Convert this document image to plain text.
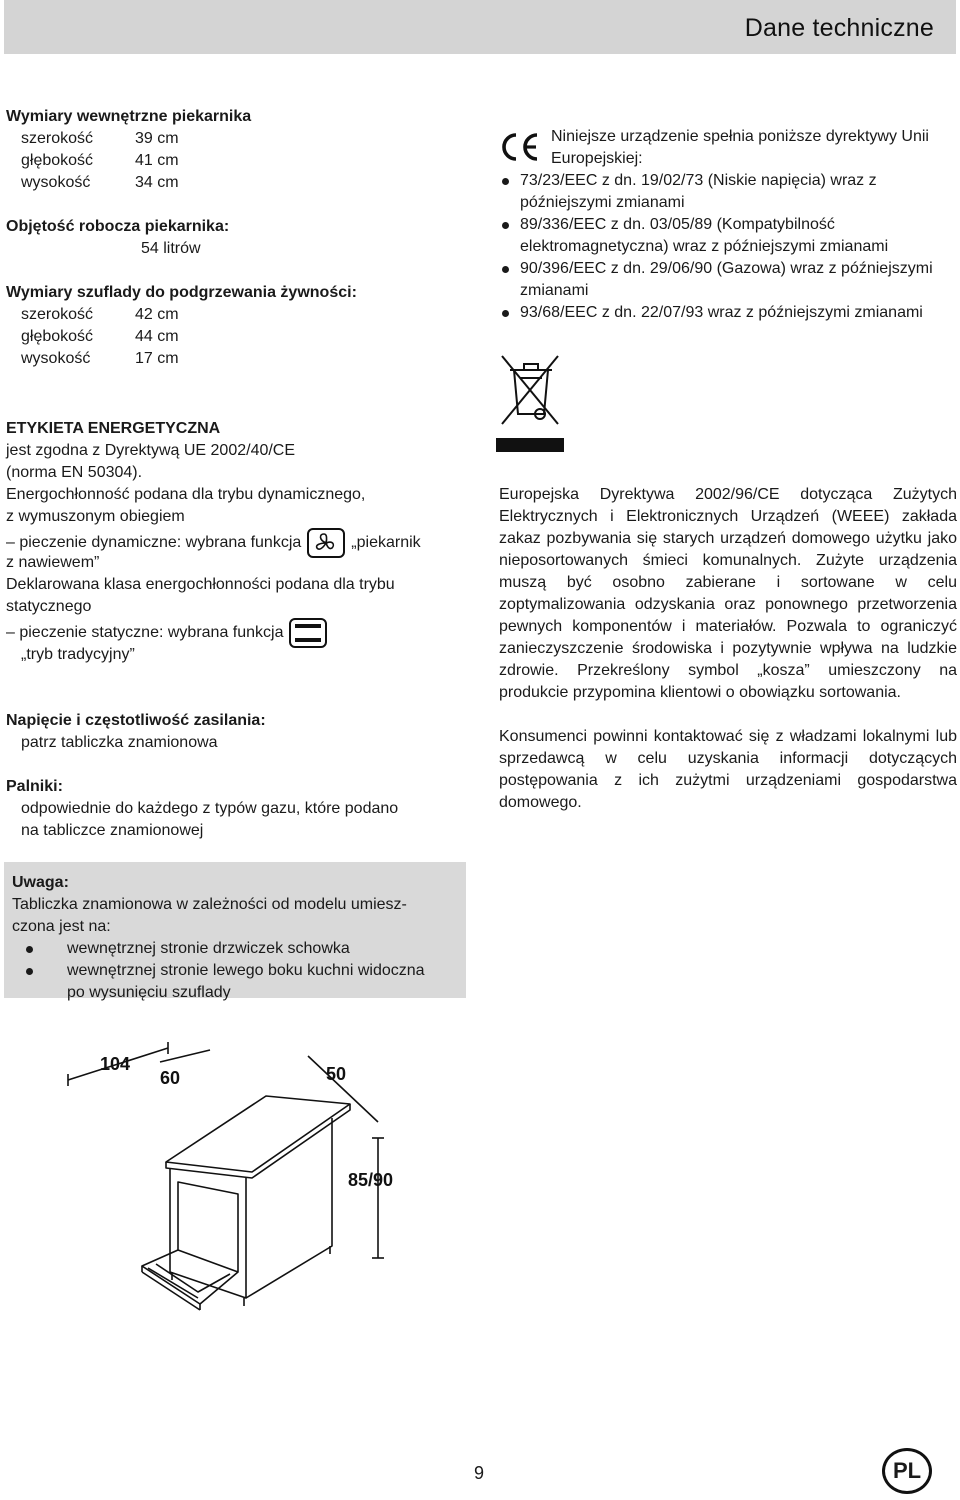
Dane techniczne
Wymiary wewnętrzne piekarnika
szerokość	39 cm
głębokość	41 cm
wysokość	34 cm
Objętość robocza piekarnika:
54 litrów
Wymiary szuflady do podgrzewania żywności:
szerokość	42 cm
głębokość	44 cm
wysokość	17 cm
Niniejsze urządzenie spełnia poniższe dyrektywy Unii Europejskiej:
73/23/EEC z dn. 19/02/73 (Niskie napięcia) wraz z późniejszymi zmianami
89/336/EEC z dn. 03/05/89 (Kompatybilność elektromagnetyczna) wraz z późniejszymi zmianami
90/396/EEC z dn. 29/06/90 (Gazowa) wraz z późniejszymi zmianami
93/68/EEC z dn. 22/07/93 wraz z późniejszymi zmianami

Europejska Dyrektywa 2002/96/CE dotycząca Zużytych Elektrycznych i Elektronicznych Urządzeń (WEEE) zakłada zakaz pozbywania się starych urządzeń domowego użytku jako nieposortowanych śmieci komunalnych. Zużyte urządzenia muszą być osobno zabierane i sortowane w celu zoptymalizowania odzyskania oraz ponownego przetworzenia pewnych komponentów i materiałów. Pozwala to ograniczyć zanieczyszczenie środowiska i pozytywnie wpływa na ludzkie zdrowie. Przekreślony symbol „kosza” umieszczony na produkcie przypomina klientowi o obowiązku sortowania.

Konsumenci powinni kontaktować się z władzami lokalnymi lub sprzedawcą w celu uzyskania informacji dotyczących postępowania z ich zużytmi urządzeniami gospodarstwa domowego.

ETYKIETA ENERGETYCZNA
jest zgodna z Dyrektywą UE 2002/40/CE
(norma EN 50304).
Energochłonność podana dla trybu dynamicznego,
z wymuszonym obiegiem
– pieczenie dynamiczne: wybrana funkcja	„piekarnik
z nawiewem”
Deklarowana klasa energochłonności podana dla trybu
statycznego
– pieczenie statyczne: wybrana funkcja
„tryb tradycyjny”
Napięcie i częstotliwość zasilania:
patrz tabliczka znamionowa
Palniki:
odpowiednie do każdego z typów gazu, które podano
na tabliczce znamionowej
Uwaga:
Tabliczka znamionowa w zależności od modelu umiesz-
czona jest na:
wewnętrznej stronie drzwiczek schowka
wewnętrznej stronie lewego boku kuchni widoczna
po wysunięciu szuflady
104
60	50
85/90
9	PL
